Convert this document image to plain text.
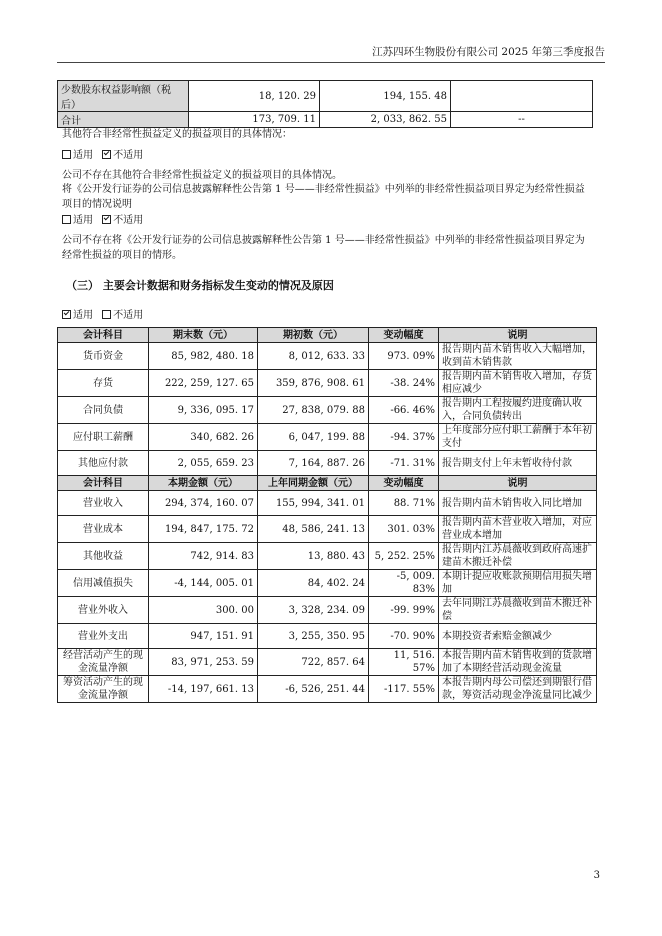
江苏四环生物股份有限公司 2025 年第三季度报告
少数股东权益影响额（税后）	18, 120. 29	194, 155. 48	
合计	173, 709. 11	2, 033, 862. 55	--
其他符合非经常性损益定义的损益项目的具体情况：
适用 不适用
公司不存在其他符合非经常性损益定义的损益项目的具体情况。
将《公开发行证券的公司信息披露解释性公告第 1 号——非经常性损益》中列举的非经常性损益项目界定为经常性损益项目的情况说明
适用 不适用
公司不存在将《公开发行证券的公司信息披露解释性公告第 1 号——非经常性损益》中列举的非经常性损益项目界定为经常性损益的项目的情形。
（三） 主要会计数据和财务指标发生变动的情况及原因
适用 不适用
会计科目	期末数（元）	期初数（元）	变动幅度	说明
货币资金	85, 982, 480. 18	8, 012, 633. 33	973. 09%	报告期内苗木销售收入大幅增加，收到苗木销售款
存货	222, 259, 127. 65	359, 876, 908. 61	-38. 24%	报告期内苗木销售收入增加，存货相应减少
合同负债	9, 336, 095. 17	27, 838, 079. 88	-66. 46%	报告期内工程按履约进度确认收入，合同负债转出
应付职工薪酬	340, 682. 26	6, 047, 199. 88	-94. 37%	上年度部分应付职工薪酬于本年初支付
其他应付款	2, 055, 659. 23	7, 164, 887. 26	-71. 31%	报告期支付上年末暂收待付款
会计科目	本期金额（元）	上年同期金额（元）	变动幅度	说明
营业收入	294, 374, 160. 07	155, 994, 341. 01	88. 71%	报告期内苗木销售收入同比增加
营业成本	194, 847, 175. 72	48, 586, 241. 13	301. 03%	报告期内苗木营业收入增加，对应营业成本增加
其他收益	742, 914. 83	13, 880. 43	5, 252. 25%	报告期内江苏晨薇收到政府高速扩建苗木搬迁补偿
信用减值损失	-4, 144, 005. 01	84, 402. 24	-5, 009. 83%	本期计提应收账款预期信用损失增加
营业外收入	300. 00	3, 328, 234. 09	-99. 99%	去年同期江苏晨薇收到苗木搬迁补偿
营业外支出	947, 151. 91	3, 255, 350. 95	-70. 90%	本期投资者索赔金额减少
经营活动产生的现金流量净额	83, 971, 253. 59	722, 857. 64	11, 516. 57%	本报告期内苗木销售收到的货款增加了本期经营活动现金流量
筹资活动产生的现金流量净额	-14, 197, 661. 13	-6, 526, 251. 44	-117. 55%	本报告期内母公司偿还到期银行借款，筹资活动现金净流量同比减少
3
